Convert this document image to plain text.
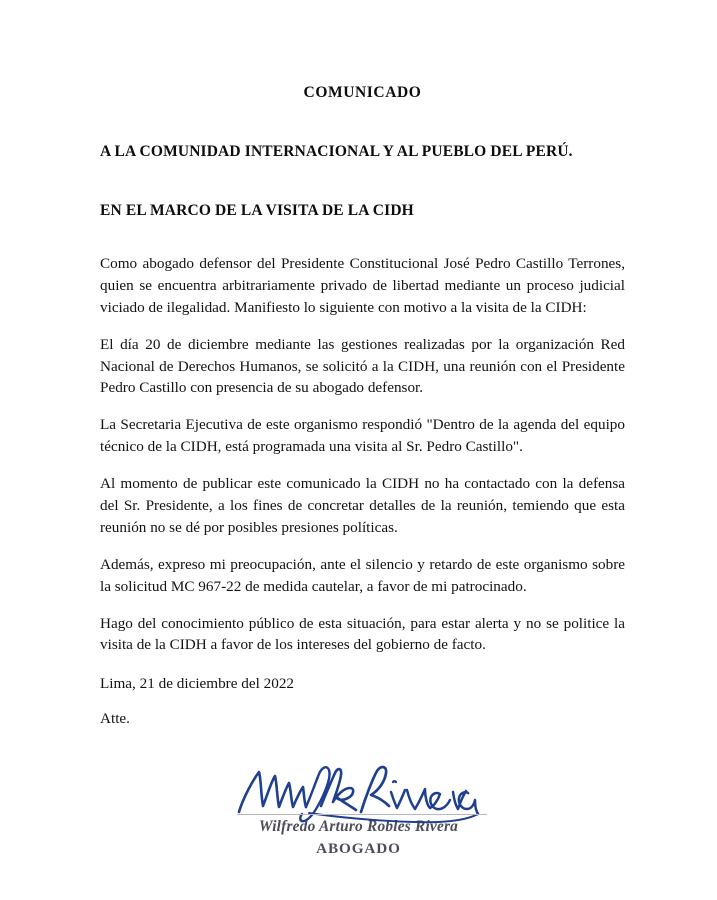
COMUNICADO
A LA COMUNIDAD INTERNACIONAL Y AL PUEBLO DEL PERÚ.
EN EL MARCO DE LA VISITA DE LA CIDH

Como abogado defensor del Presidente Constitucional José Pedro Castillo Terrones, quien se encuentra arbitrariamente privado de libertad mediante un proceso judicial viciado de ilegalidad. Manifiesto lo siguiente con motivo a la visita de la CIDH:

El día 20 de diciembre mediante las gestiones realizadas por la organización Red Nacional de Derechos Humanos, se solicitó a la CIDH, una reunión con el Presidente Pedro Castillo con presencia de su abogado defensor.

La Secretaria Ejecutiva de este organismo respondió "Dentro de la agenda del equipo técnico de la CIDH, está programada una visita al Sr. Pedro Castillo".

Al momento de publicar este comunicado la CIDH no ha contactado con la defensa del Sr. Presidente, a los fines de concretar detalles de la reunión, temiendo que esta reunión no se dé por posibles presiones políticas.

Además, expreso mi preocupación, ante el silencio y retardo de este organismo sobre la solicitud MC 967-22 de medida cautelar, a favor de mi patrocinado.

Hago del conocimiento público de esta situación, para estar alerta y no se politice la visita de la CIDH a favor de los intereses del gobierno de facto.

Lima, 21 de diciembre del 2022

Atte.

Wilfredo Arturo Robles Rivera

ABOGADO
